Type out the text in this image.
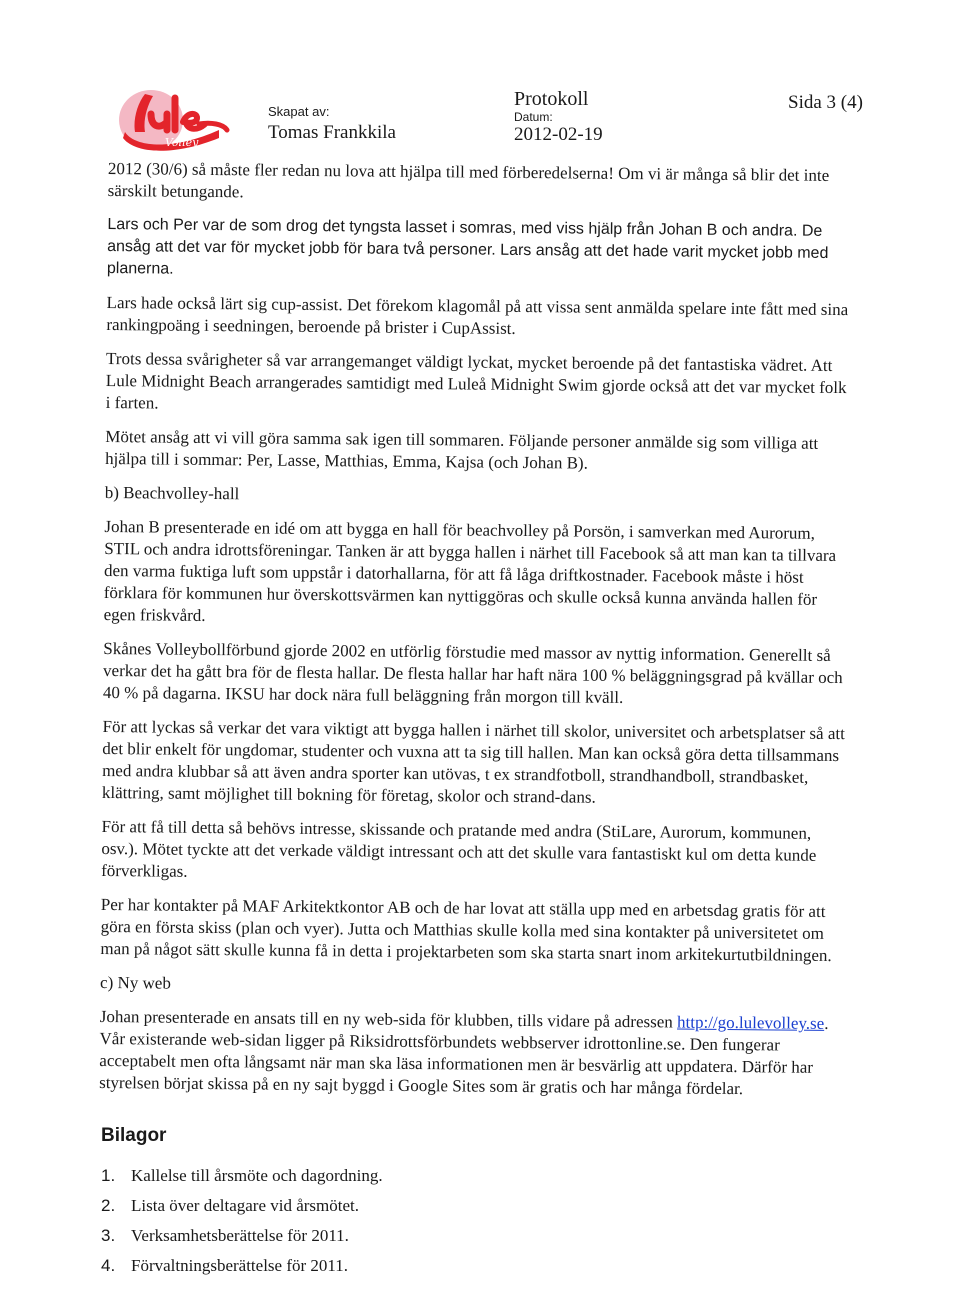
Volley
Skapat av:
Tomas Frankkila
Protokoll
Datum:
2012-02-19
Sida 3 (4)

2012 (30/6) så måste fler redan nu lova att hjälpa till med förberedelserna! Om vi är många så blir det inte särskilt betungande.

Lars och Per var de som drog det tyngsta lasset i somras, med viss hjälp från Johan B och andra. De ansåg att det var för mycket jobb för bara två personer. Lars ansåg att det hade varit mycket jobb med planerna.

Lars hade också lärt sig cup-assist. Det förekom klagomål på att vissa sent anmälda spelare inte fått med sina rankingpoäng i seedningen, beroende på brister i CupAssist.

Trots dessa svårigheter så var arrangemanget väldigt lyckat, mycket beroende på det fantastiska vädret. Att Lule Midnight Beach arrangerades samtidigt med Luleå Midnight Swim gjorde också att det var mycket folk i farten.

Mötet ansåg att vi vill göra samma sak igen till sommaren. Följande personer anmälde sig som villiga att hjälpa till i sommar: Per, Lasse, Matthias, Emma, Kajsa (och Johan B).

b) Beachvolley-hall

Johan B presenterade en idé om att bygga en hall för beachvolley på Porsön, i samverkan med Aurorum, STIL och andra idrottsföreningar. Tanken är att bygga hallen i närhet till Facebook så att man kan ta tillvara den varma fuktiga luft som uppstår i datorhallarna, för att få låga driftkostnader. Facebook måste i höst förklara för kommunen hur överskottsvärmen kan nyttiggöras och skulle också kunna använda hallen för egen friskvård.

Skånes Volleybollförbund gjorde 2002 en utförlig förstudie med massor av nyttig information. Generellt så verkar det ha gått bra för de flesta hallar. De flesta hallar har haft nära 100 % beläggningsgrad på kvällar och 40 % på dagarna. IKSU har dock nära full beläggning från morgon till kväll.

För att lyckas så verkar det vara viktigt att bygga hallen i närhet till skolor, universitet och arbetsplatser så att det blir enkelt för ungdomar, studenter och vuxna att ta sig till hallen. Man kan också göra detta tillsammans med andra klubbar så att även andra sporter kan utövas, t ex strandfotboll, strandhandboll, strandbasket, klättring, samt möjlighet till bokning för företag, skolor och strand-dans.

För att få till detta så behövs intresse, skissande och pratande med andra (StiLare, Aurorum, kommunen, osv.). Mötet tyckte att det verkade väldigt intressant och att det skulle vara fantastiskt kul om detta kunde förverkligas.

Per har kontakter på MAF Arkitektkontor AB och de har lovat att ställa upp med en arbetsdag gratis för att göra en första skiss (plan och vyer). Jutta och Matthias skulle kolla med sina kontakter på universitetet om man på något sätt skulle kunna få in detta i projektarbeten som ska starta snart inom arkitekurtutbildningen.

c) Ny web

Johan presenterade en ansats till en ny web-sida för klubben, tills vidare på adressen http://go.lulevolley.se. Vår existerande web-sidan ligger på Riksidrottsförbundets webbserver idrottonline.se. Den fungerar acceptabelt men ofta långsamt när man ska läsa informationen men är besvärlig att uppdatera. Därför har styrelsen börjat skissa på en ny sajt byggd i Google Sites som är gratis och har många fördelar.

Bilagor
1. Kallelse till årsmöte och dagordning.
2. Lista över deltagare vid årsmötet.
3. Verksamhetsberättelse för 2011.
4. Förvaltningsberättelse för 2011.
